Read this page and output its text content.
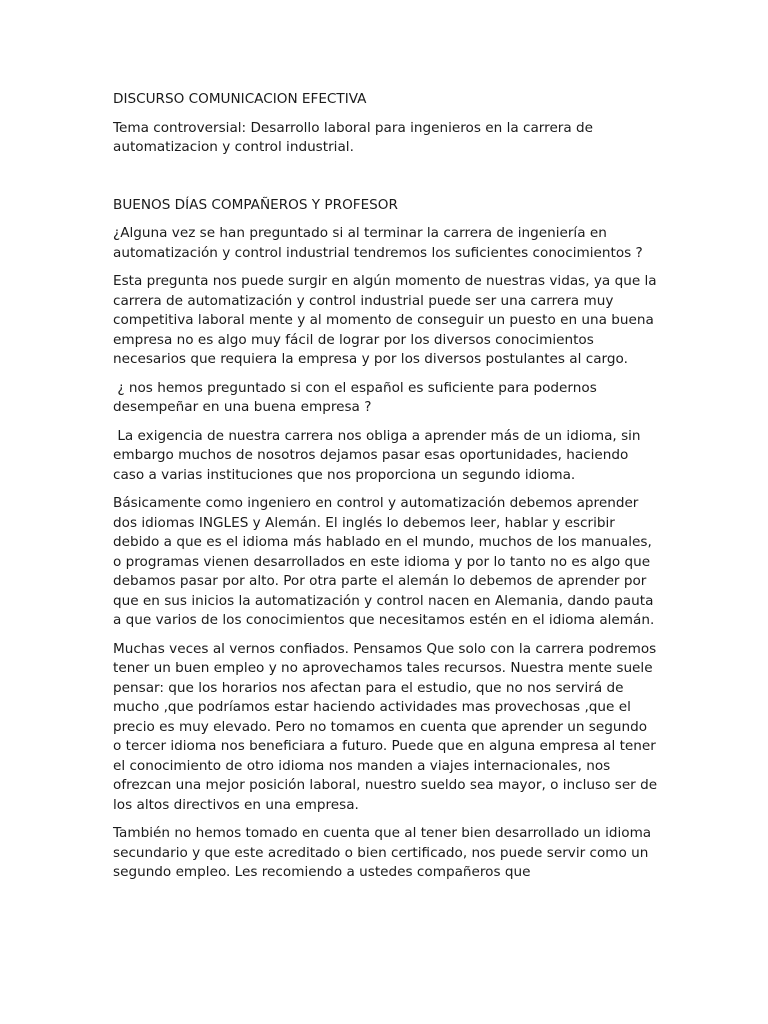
DISCURSO COMUNICACION EFECTIVA

Tema controversial: Desarrollo laboral para ingenieros en la carrera de automatizacion y control industrial.

BUENOS DÍAS COMPAÑEROS Y PROFESOR

¿Alguna vez se han preguntado si al terminar la carrera de ingeniería en automatización y control industrial tendremos los suficientes conocimientos ?

Esta pregunta nos puede surgir en algún momento de nuestras vidas, ya que la carrera de automatización y control industrial puede ser una carrera muy competitiva laboral mente y al momento de conseguir un puesto en una buena empresa no es algo muy fácil de lograr por los diversos conocimientos necesarios que requiera la empresa y por los diversos postulantes al cargo.

¿ nos hemos preguntado si con el español es suficiente para podernos desempeñar en una buena empresa ?

La exigencia de nuestra carrera nos obliga a aprender más de un idioma, sin embargo muchos de nosotros dejamos pasar esas oportunidades, haciendo caso a varias instituciones que nos proporciona un segundo idioma.

Básicamente como ingeniero en control y automatización debemos aprender dos idiomas INGLES y Alemán. El inglés lo debemos leer, hablar y escribir debido a que es el idioma más hablado en el mundo, muchos de los manuales, o programas vienen desarrollados en este idioma y por lo tanto no es algo que debamos pasar por alto. Por otra parte el alemán lo debemos de aprender por que en sus inicios la automatización y control nacen en Alemania, dando pauta a que varios de los conocimientos que necesitamos estén en el idioma alemán.

Muchas veces al vernos confiados. Pensamos Que solo con la carrera podremos tener un buen empleo y no aprovechamos tales recursos. Nuestra mente suele pensar: que los horarios nos afectan para el estudio, que no nos servirá de mucho ,que podríamos estar haciendo actividades mas provechosas ,que el precio es muy elevado. Pero no tomamos en cuenta que aprender un segundo o tercer idioma nos beneficiara a futuro. Puede que en alguna empresa al tener el conocimiento de otro idioma nos manden a viajes internacionales, nos ofrezcan una mejor posición laboral, nuestro sueldo sea mayor, o incluso ser de los altos directivos en una empresa.

También no hemos tomado en cuenta que al tener bien desarrollado un idioma secundario y que este acreditado o bien certificado, nos puede servir como un segundo empleo. Les recomiendo a ustedes compañeros que
